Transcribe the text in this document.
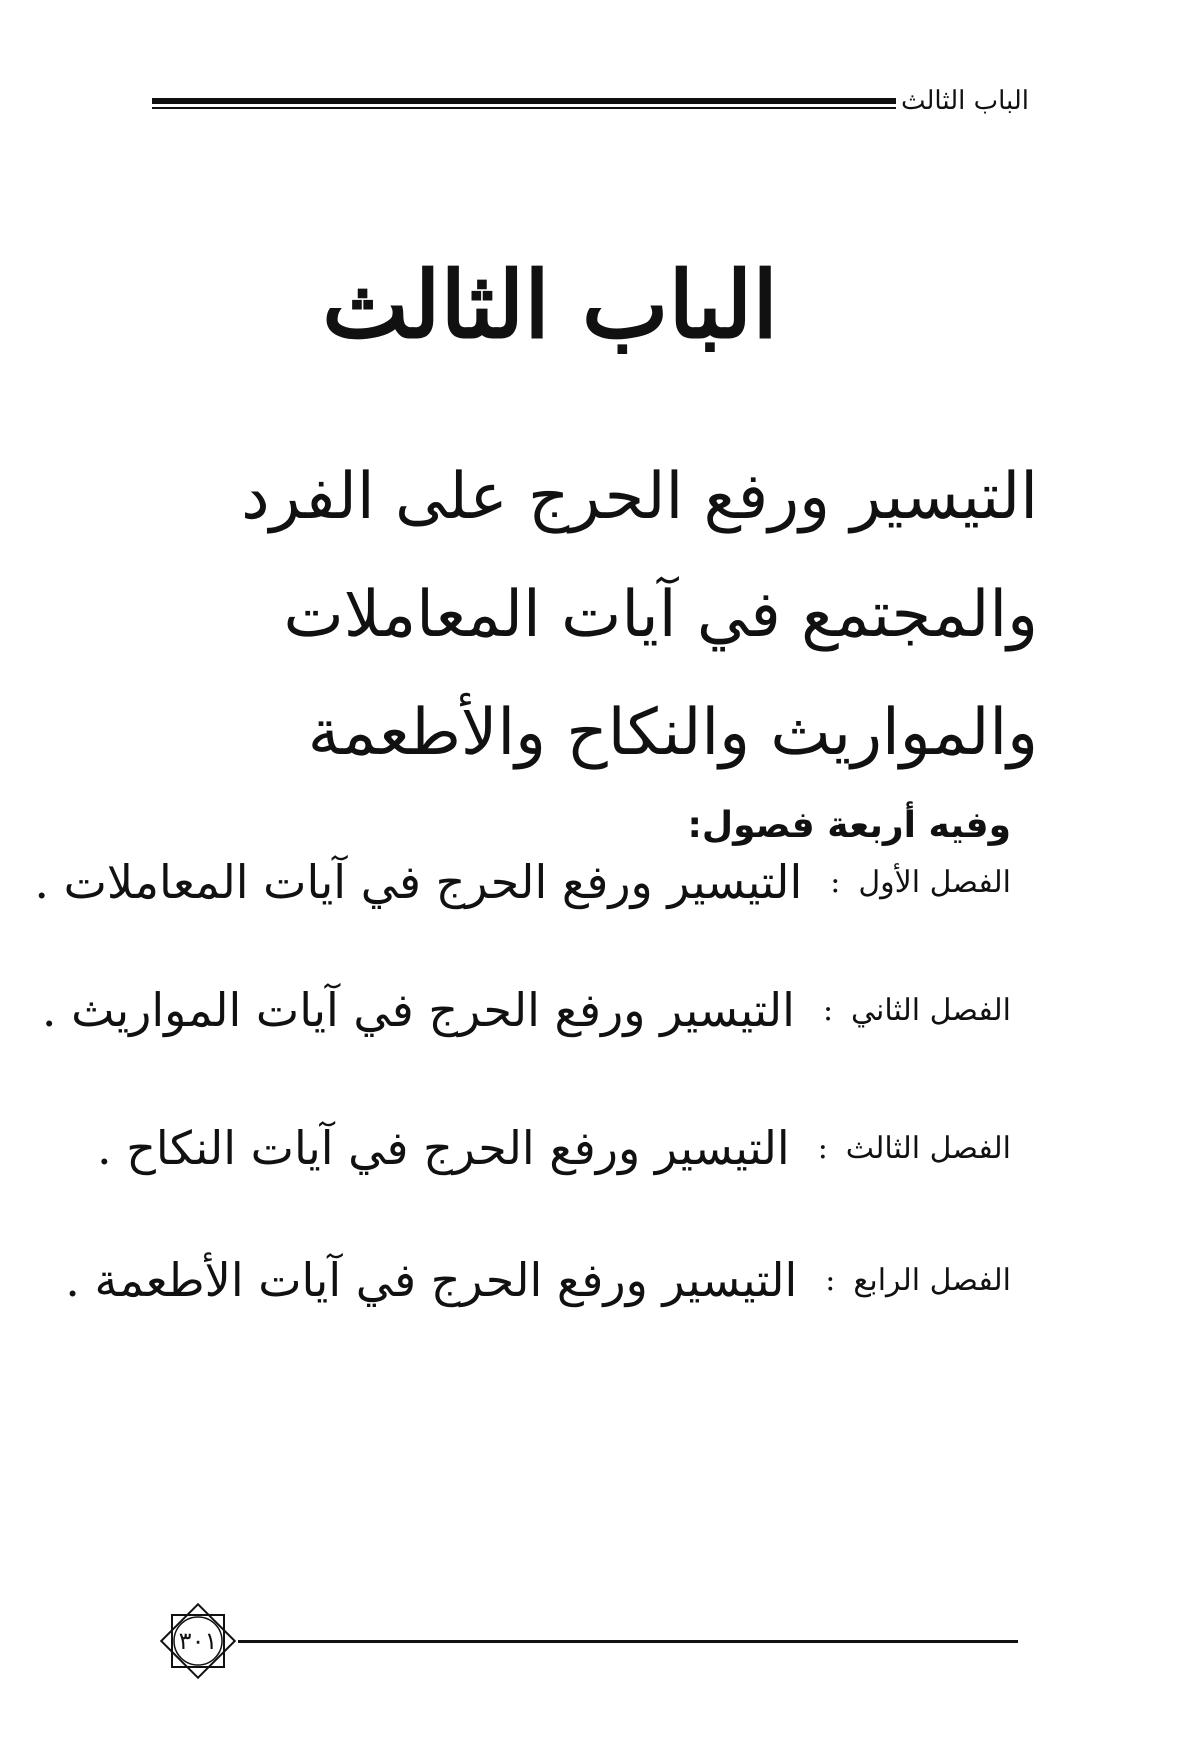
الباب الثالث
الباب الثالث
التيسير ورفع الحرج على الفرد والمجتمع في آيات المعاملات والمواريث والنكاح والأطعمة
وفيه أربعة فصول:
الفصل الأول
:
التيسير ورفع الحرج في آيات المعاملات .
الفصل الثاني
:
التيسير ورفع الحرج في آيات المواريث .
الفصل الثالث
:
التيسير ورفع الحرج في آيات النكاح .
الفصل الرابع
:
التيسير ورفع الحرج في آيات الأطعمة .
٣٠١
